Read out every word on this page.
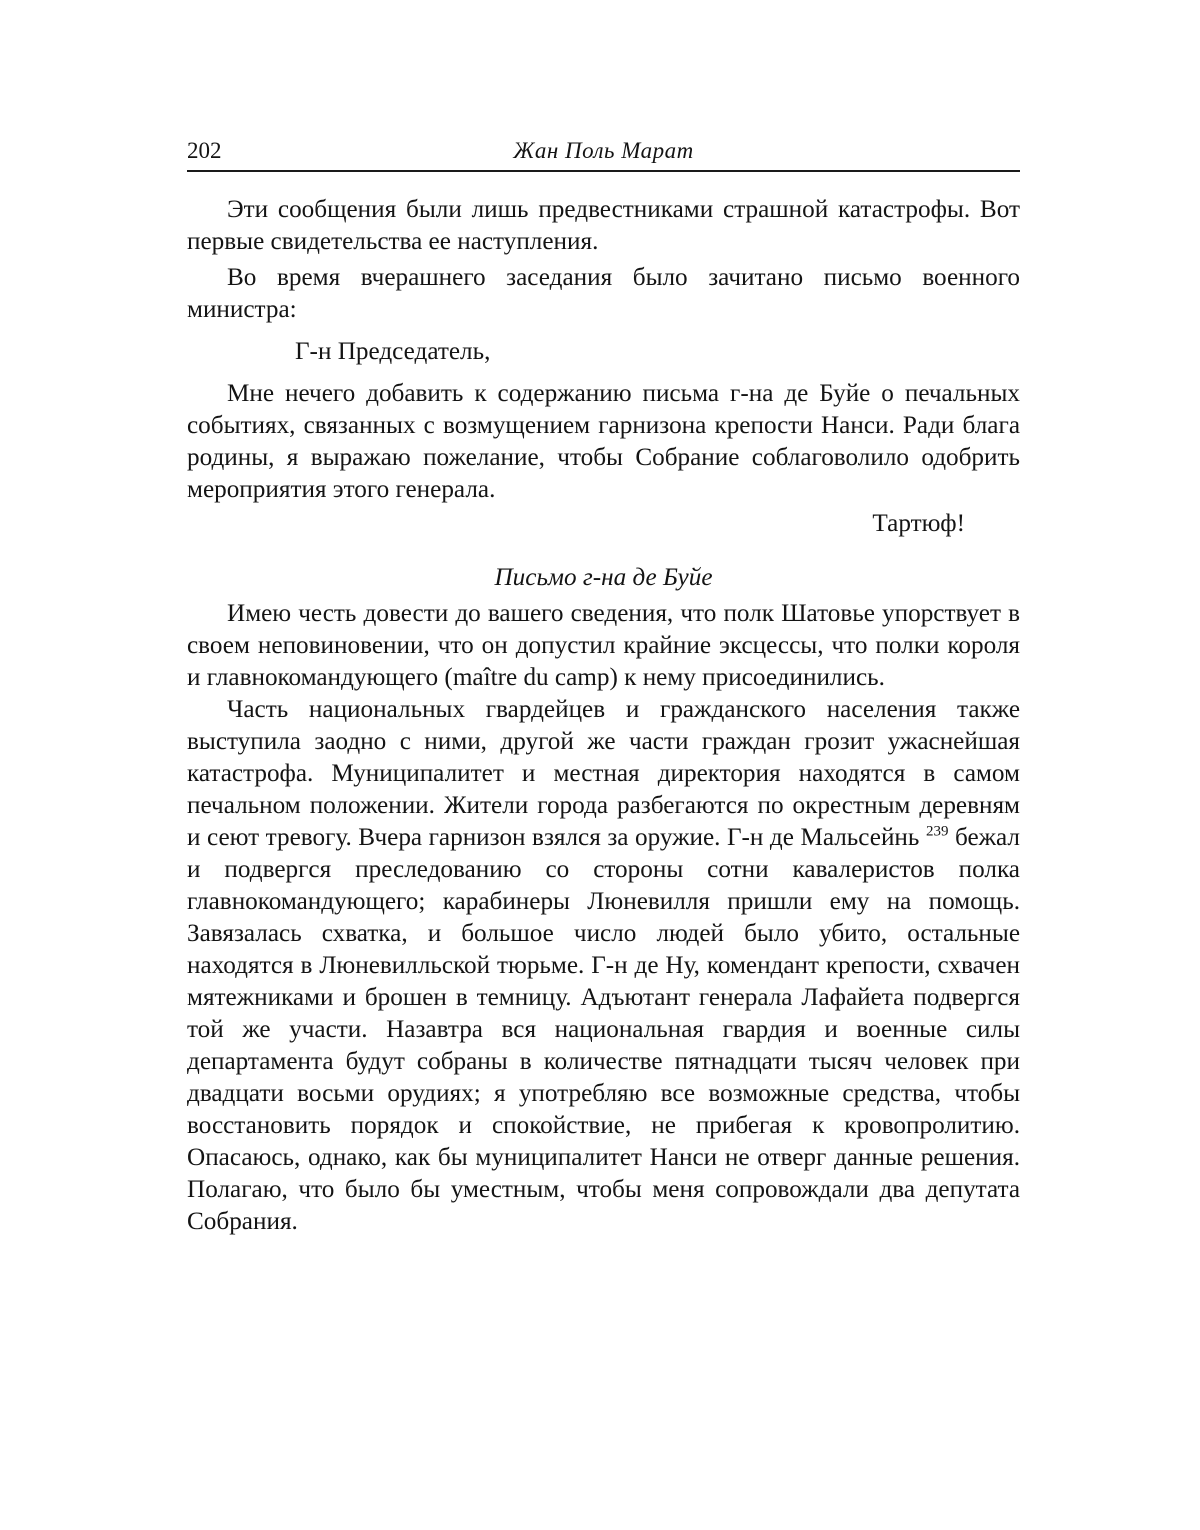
202	Жан Поль Марат

Эти сообщения были лишь предвестниками страшной катастрофы. Вот первые свидетельства ее наступления.

Во время вчерашнего заседания было зачитано письмо военного министра:

Г-н Председатель,

Мне нечего добавить к содержанию письма г-на де Буйе о печальных событиях, связанных с возмущением гарнизона крепости Нанси. Ради блага родины, я выражаю пожелание, чтобы Собрание соблаговолило одобрить мероприятия этого генерала.

Тартюф!
Письмо г-на де Буйе

Имею честь довести до вашего сведения, что полк Шатовье упорствует в своем неповиновении, что он допустил крайние эксцессы, что полки короля и главнокомандующего (maître du camp) к нему присоединились.

Часть национальных гвардейцев и гражданского населения также выступила заодно с ними, другой же части граждан грозит ужаснейшая катастрофа. Муниципалитет и местная директория находятся в самом печальном положении. Жители города разбегаются по окрестным деревням и сеют тревогу. Вчера гарнизон взялся за оружие. Г-н де Мальсейнь $^{239}$ бежал и подвергся преследованию со стороны сотни кавалеристов полка главнокомандующего; карабинеры Люневилля пришли ему на помощь. Завязалась схватка, и большое число людей было убито, остальные находятся в Люневилльской тюрьме. Г-н де Ну, комендант крепости, схвачен мятежниками и брошен в темницу. Адъютант генерала Лафайета подвергся той же участи. Назавтра вся национальная гвардия и военные силы департамента будут собраны в количестве пятнадцати тысяч человек при двадцати восьми орудиях; я употребляю все возможные средства, чтобы восстановить порядок и спокойствие, не прибегая к кровопролитию. Опасаюсь, однако, как бы муниципалитет Нанси не отверг данные решения. Полагаю, что было бы уместным, чтобы меня сопровождали два депутата Собрания.
